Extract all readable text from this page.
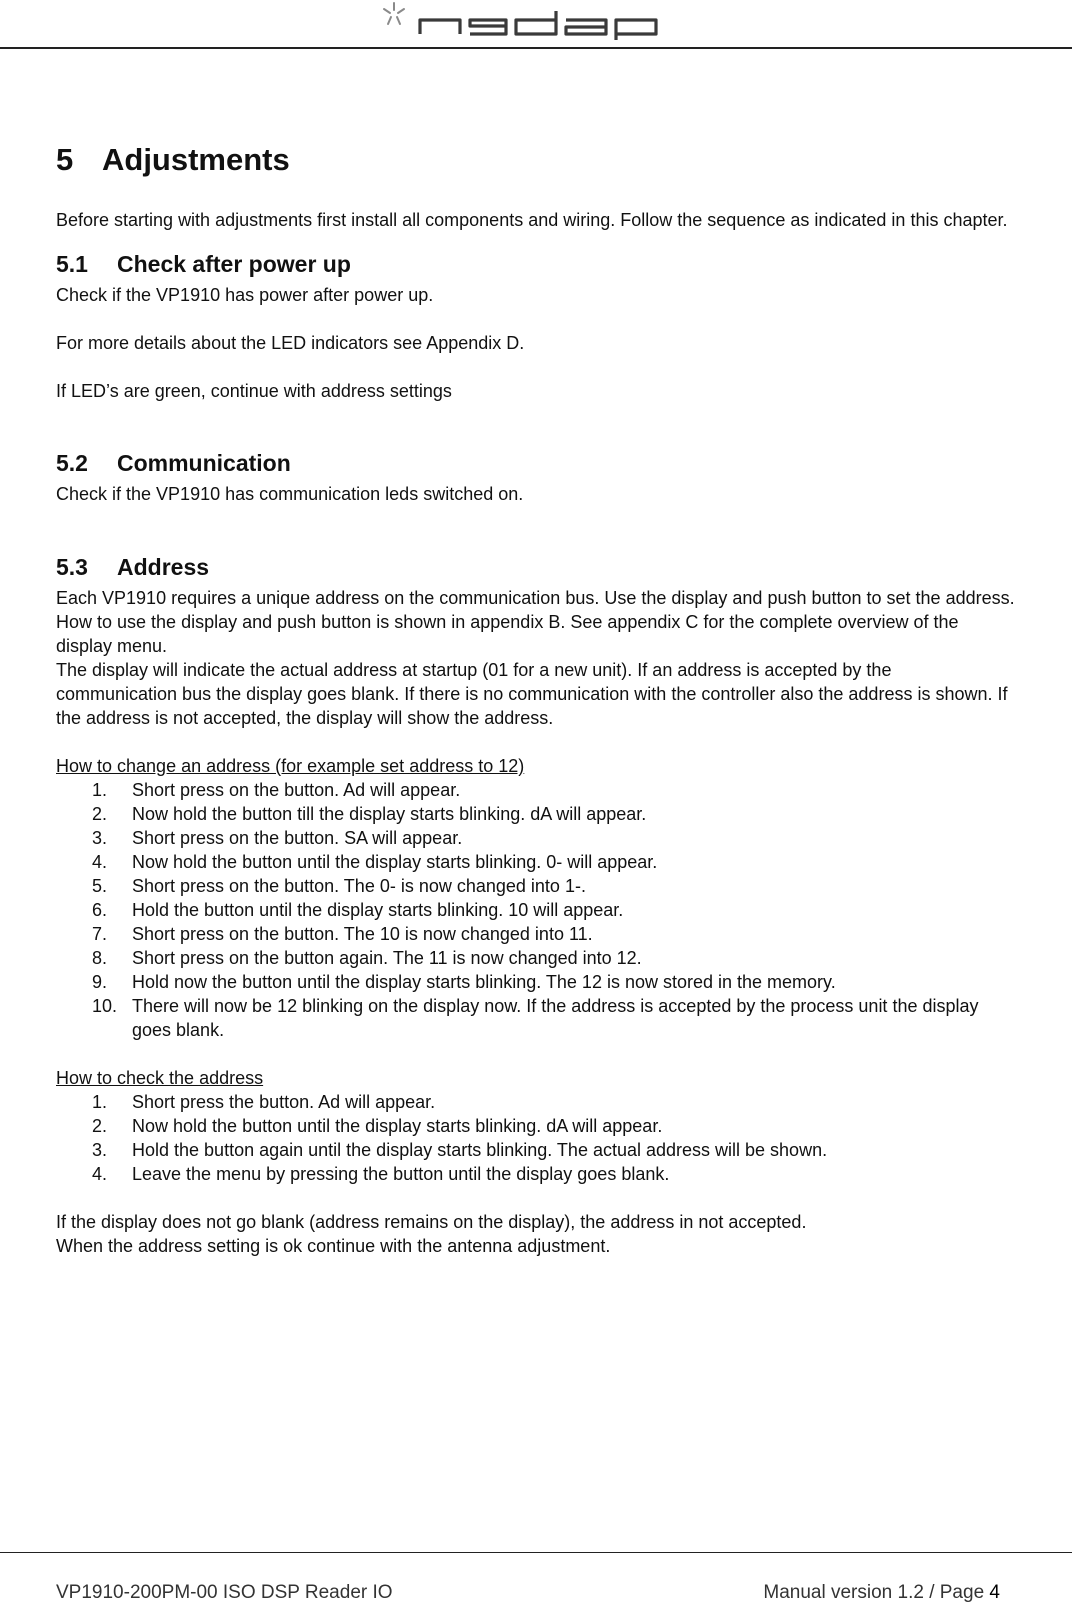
5 Adjustments

Before starting with adjustments first install all components and wiring. Follow the sequence as indicated in this chapter.

5.1 Check after power up

Check if the VP1910 has power after power up.

For more details about the LED indicators see Appendix D.

If LED’s are green, continue with address settings

5.2 Communication

Check if the VP1910 has communication leds switched on.

5.3 Address

Each VP1910 requires a unique address on the communication bus. Use the display and push button to set the address. How to use the display and push button is shown in appendix B. See appendix C for the complete overview of the display menu.

The display will indicate the actual address at startup (01 for a new unit). If an address is accepted by the communication bus the display goes blank. If there is no communication with the controller also the address is shown. If the address is not accepted, the display will show the address.

How to change an address (for example set address to 12)

1. Short press on the button. Ad will appear.
2. Now hold the button till the display starts blinking. dA will appear.
3. Short press on the button. SA will appear.
4. Now hold the button until the display starts blinking. 0- will appear.
5. Short press on the button. The 0- is now changed into 1-.
6. Hold the button until the display starts blinking. 10 will appear.
7. Short press on the button. The 10 is now changed into 11.
8. Short press on the button again. The 11 is now changed into 12.
9. Hold now the button until the display starts blinking. The 12 is now stored in the memory.
10. There will now be 12 blinking on the display now. If the address is accepted by the process unit the display goes blank.

How to check the address

1. Short press the button. Ad will appear.
2. Now hold the button until the display starts blinking. dA will appear.
3. Hold the button again until the display starts blinking. The actual address will be shown.
4. Leave the menu by pressing the button until the display goes blank.

If the display does not go blank (address remains on the display), the address in not accepted.

When the address setting is ok continue with the antenna adjustment.

VP1910-200PM-00 ISO DSP Reader IO	Manual version 1.2 / Page 4
